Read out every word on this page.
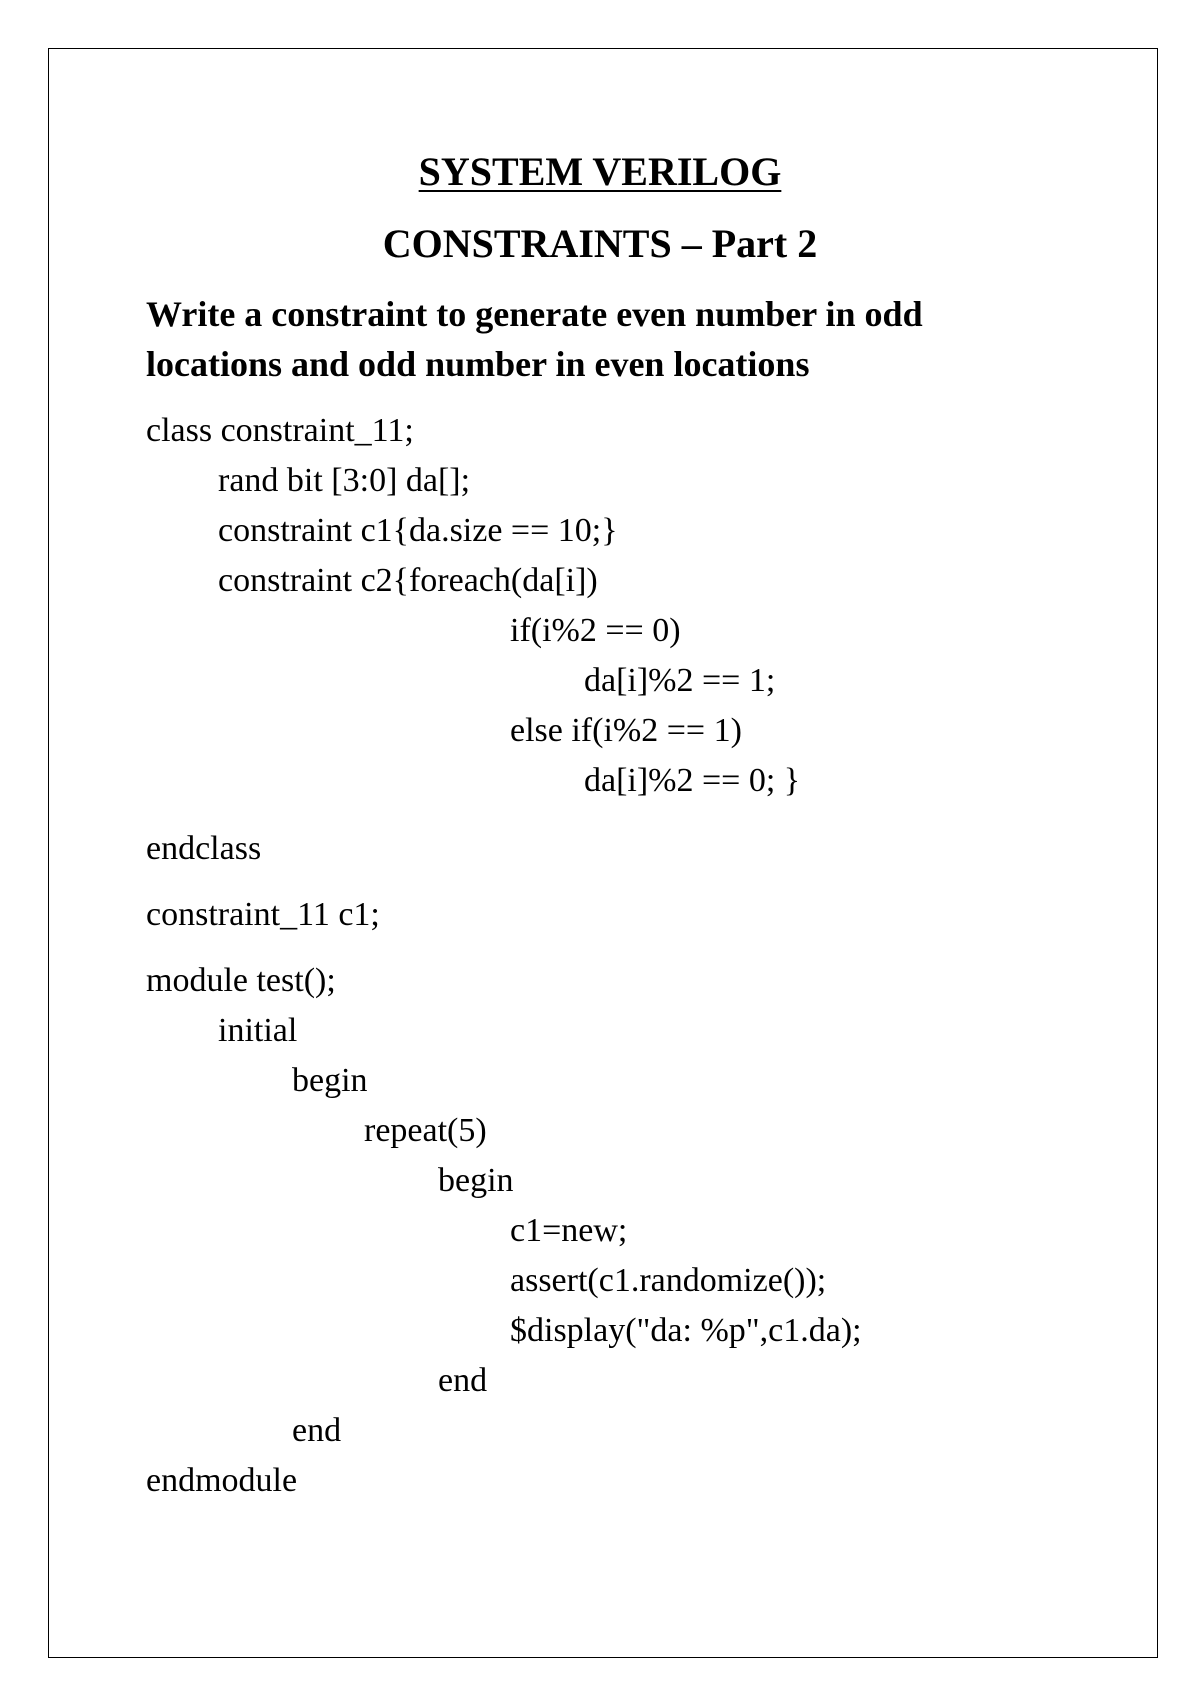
SYSTEM VERILOG
CONSTRAINTS – Part 2
Write a constraint to generate even number in odd
locations and odd number in even locations
class constraint_11;
rand bit [3:0] da[];
constraint c1{da.size == 10;}
constraint c2{foreach(da[i])
if(i%2 == 0)
da[i]%2 == 1;
else if(i%2 == 1)
da[i]%2 == 0; }
endclass
constraint_11 c1;
module test();
initial
begin
repeat(5)
begin
c1=new;
assert(c1.randomize());
$display("da: %p",c1.da);
end
end
endmodule
